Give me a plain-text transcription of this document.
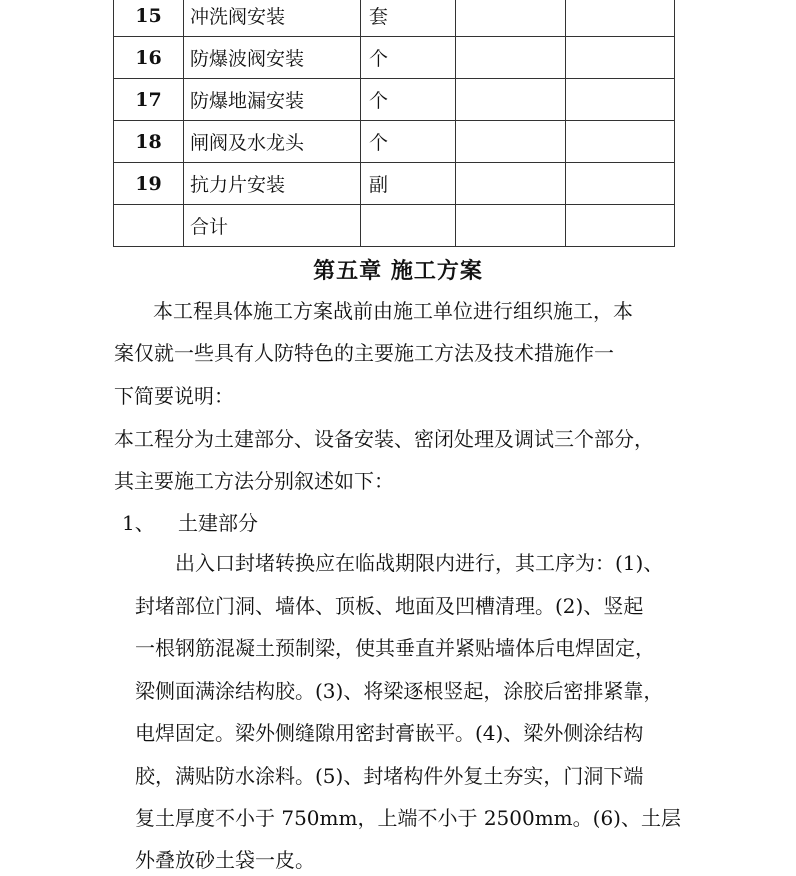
15	冲洗阀安装	套		
16	防爆波阀安装	个		
17	防爆地漏安装	个		
18	闸阀及水龙头	个		
19	抗力片安装	副		
	合计			
第五章 施工方案
本工程具体施工方案战前由施工单位进行组织施工，本
案仅就一些具有人防特色的主要施工方法及技术措施作一
下简要说明：
本工程分为土建部分、设备安装、密闭处理及调试三个部分，
其主要施工方法分别叙述如下：
1、 土建部分
出入口封堵转换应在临战期限内进行，其工序为：(1)、
封堵部位门洞、墙体、顶板、地面及凹槽清理。(2)、竖起
一根钢筋混凝土预制梁，使其垂直并紧贴墙体后电焊固定，
梁侧面满涂结构胶。(3)、将梁逐根竖起，涂胶后密排紧靠，
电焊固定。梁外侧缝隙用密封膏嵌平。(4)、梁外侧涂结构
胶，满贴防水涂料。(5)、封堵构件外复土夯实，门洞下端
复土厚度不小于 750mm，上端不小于 2500mm。(6)、土层
外叠放砂土袋一皮。
